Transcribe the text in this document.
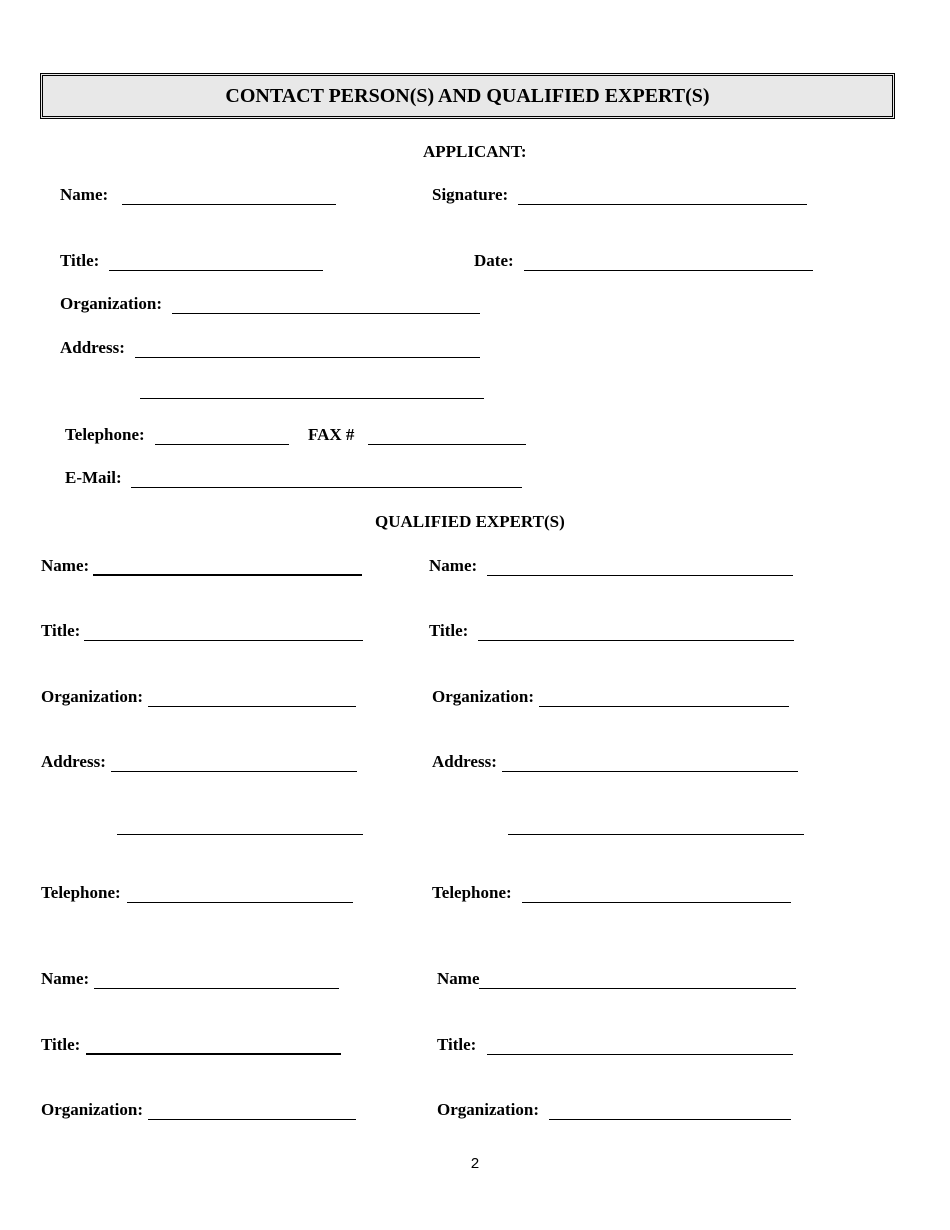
CONTACT PERSON(S) AND QUALIFIED EXPERT(S)
APPLICANT:
Name:	Signature:
Title:	Date:
Organization:
Address:
Telephone:	FAX #
E-Mail:
QUALIFIED EXPERT(S)
Name:	Name:
Title:	Title:
Organization:	Organization:
Address:	Address:
Telephone:	Telephone:
Name:	Name
Title:	Title:
Organization:	Organization:
2
